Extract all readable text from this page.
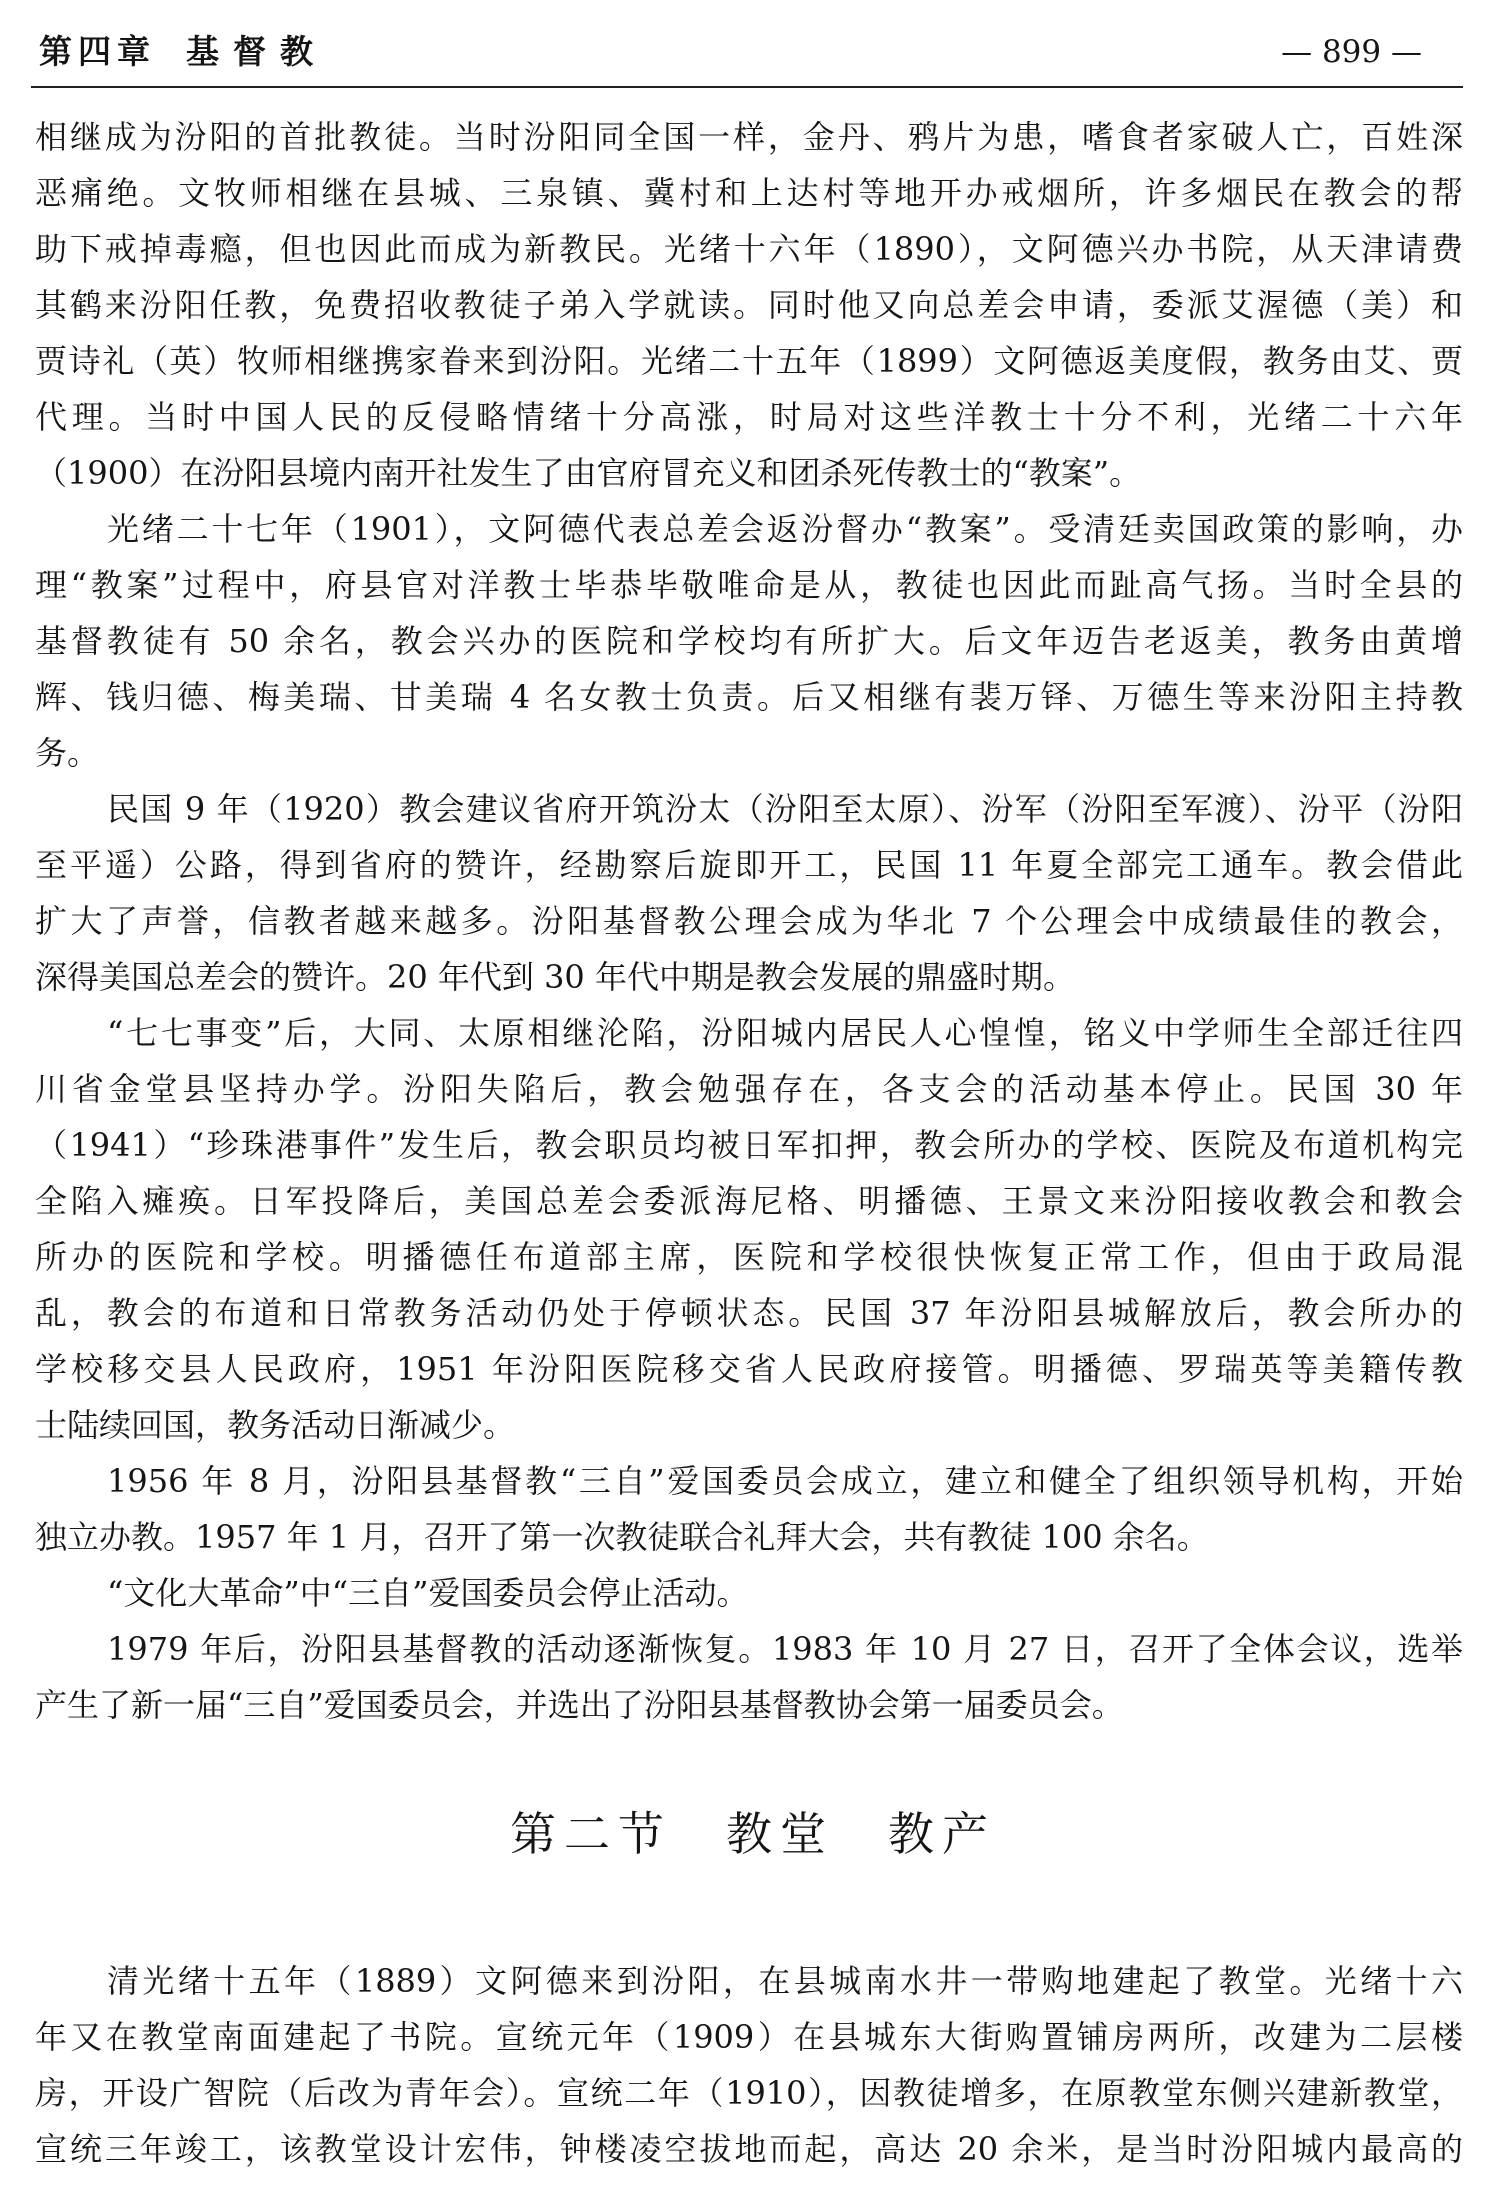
第四章 基督教	— 899 —
相继成为汾阳的首批教徒。当时汾阳同全国一样，金丹、鸦片为患，嗜食者家破人亡，百姓深
恶痛绝。文牧师相继在县城、三泉镇、冀村和上达村等地开办戒烟所，许多烟民在教会的帮
助下戒掉毒瘾，但也因此而成为新教民。光绪十六年（1890），文阿德兴办书院，从天津请费
其鹤来汾阳任教，免费招收教徒子弟入学就读。同时他又向总差会申请，委派艾渥德（美）和
贾诗礼（英）牧师相继携家眷来到汾阳。光绪二十五年（1899）文阿德返美度假，教务由艾、贾
代理。当时中国人民的反侵略情绪十分高涨，时局对这些洋教士十分不利，光绪二十六年
（1900）在汾阳县境内南开社发生了由官府冒充义和团杀死传教士的“教案”。
光绪二十七年（1901），文阿德代表总差会返汾督办“教案”。受清廷卖国政策的影响，办
理“教案”过程中，府县官对洋教士毕恭毕敬唯命是从，教徒也因此而趾高气扬。当时全县的
基督教徒有 50 余名，教会兴办的医院和学校均有所扩大。后文年迈告老返美，教务由黄增
辉、钱归德、梅美瑞、甘美瑞 4 名女教士负责。后又相继有裴万铎、万德生等来汾阳主持教
务。
民国 9 年（1920）教会建议省府开筑汾太（汾阳至太原）、汾军（汾阳至军渡）、汾平（汾阳
至平遥）公路，得到省府的赞许，经勘察后旋即开工，民国 11 年夏全部完工通车。教会借此
扩大了声誉，信教者越来越多。汾阳基督教公理会成为华北 7 个公理会中成绩最佳的教会，
深得美国总差会的赞许。20 年代到 30 年代中期是教会发展的鼎盛时期。
“七七事变”后，大同、太原相继沦陷，汾阳城内居民人心惶惶，铭义中学师生全部迁往四
川省金堂县坚持办学。汾阳失陷后，教会勉强存在，各支会的活动基本停止。民国 30 年
（1941）“珍珠港事件”发生后，教会职员均被日军扣押，教会所办的学校、医院及布道机构完
全陷入瘫痪。日军投降后，美国总差会委派海尼格、明播德、王景文来汾阳接收教会和教会
所办的医院和学校。明播德任布道部主席，医院和学校很快恢复正常工作，但由于政局混
乱，教会的布道和日常教务活动仍处于停顿状态。民国 37 年汾阳县城解放后，教会所办的
学校移交县人民政府，1951 年汾阳医院移交省人民政府接管。明播德、罗瑞英等美籍传教
士陆续回国，教务活动日渐减少。
1956 年 8 月，汾阳县基督教“三自”爱国委员会成立，建立和健全了组织领导机构，开始
独立办教。1957 年 1 月，召开了第一次教徒联合礼拜大会，共有教徒 100 余名。
“文化大革命”中“三自”爱国委员会停止活动。
1979 年后，汾阳县基督教的活动逐渐恢复。1983 年 10 月 27 日，召开了全体会议，选举
产生了新一届“三自”爱国委员会，并选出了汾阳县基督教协会第一届委员会。
第二节　教堂　教产
清光绪十五年（1889）文阿德来到汾阳，在县城南水井一带购地建起了教堂。光绪十六
年又在教堂南面建起了书院。宣统元年（1909）在县城东大街购置铺房两所，改建为二层楼
房，开设广智院（后改为青年会）。宣统二年（1910），因教徒增多，在原教堂东侧兴建新教堂，
宣统三年竣工，该教堂设计宏伟，钟楼凌空拔地而起，高达 20 余米，是当时汾阳城内最高的
